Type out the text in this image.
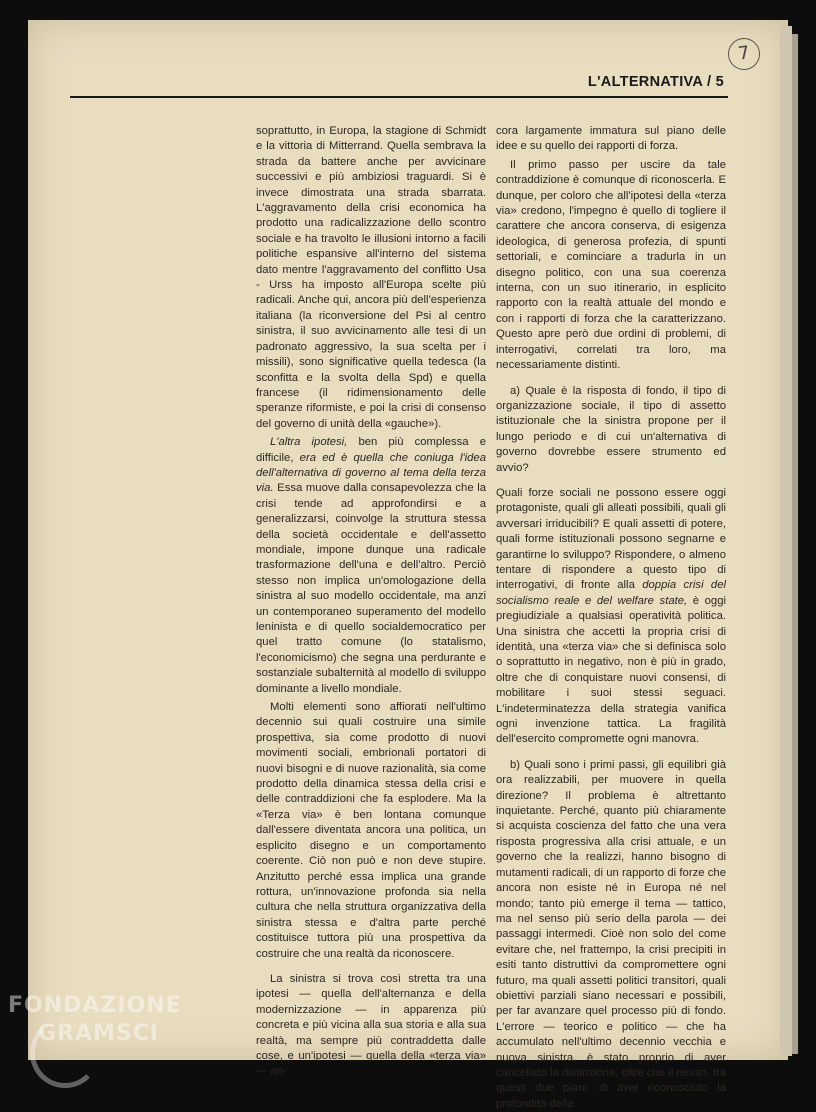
7
L'ALTERNATIVA / 5

soprattutto, in Europa, la stagione di Schmidt e la vittoria di Mitterrand. Quella sembrava la strada da battere anche per avvicinare successivi e più ambiziosi traguardi. Si è invece dimostrata una strada sbarrata. L'aggravamento della crisi economica ha prodotto una radicalizzazione dello scontro sociale e ha travolto le illusioni intorno a facili politiche espansive all'interno del sistema dato mentre l'aggravamento del conflitto Usa - Urss ha imposto all'Europa scelte più radicali. Anche qui, ancora più dell'esperienza italiana (la riconversione del Psi al centro sinistra, il suo avvicinamento alle tesi di un padronato aggressivo, la sua scelta per i missili), sono significative quella tedesca (la sconfitta e la svolta della Spd) e quella francese (il ridimensionamento delle speranze riformiste, e poi la crisi di consenso del governo di unità della «gauche»).

L'altra ipotesi, ben più complessa e difficile, era ed è quella che coniuga l'idea dell'alternativa di governo al tema della terza via. Essa muove dalla consapevolezza che la crisi tende ad approfondirsi e a generalizzarsi, coinvolge la struttura stessa della società occidentale e dell'assetto mondiale, impone dunque una radicale trasformazione dell'una e dell'altro. Perciò stesso non implica un'omologazione della sinistra al suo modello occidentale, ma anzi un contemporaneo superamento del modello leninista e di quello socialdemocratico per quel tratto comune (lo statalismo, l'economicismo) che segna una perdurante e sostanziale subalternità al modello di sviluppo dominante a livello mondiale.

Molti elementi sono affiorati nell'ultimo decennio sui quali costruire una simile prospettiva, sia come prodotto di nuovi movimenti sociali, embrionali portatori di nuovi bisogni e di nuove razionalità, sia come prodotto della dinamica stessa della crisi e delle contraddizioni che fa esplodere. Ma la «Terza via» è ben lontana comunque dall'essere diventata ancora una politica, un esplicito disegno e un comportamento coerente. Ciò non può e non deve stupire. Anzitutto perché essa implica una grande rottura, un'innovazione profonda sia nella cultura che nella struttura organizzativa della sinistra stessa e d'altra parte perché costituisce tuttora più una prospettiva da costruire che una realtà da riconoscere.

La sinistra si trova così stretta tra una ipotesi — quella dell'alternanza e della modernizzazione — in apparenza più concreta e più vicina alla sua storia e alla sua realtà, ma sempre più contraddetta dalle cose, e un'ipotesi — quella della «terza via» — an-

cora largamente immatura sul piano delle idee e su quello dei rapporti di forza.

Il primo passo per uscire da tale contraddizione è comunque di riconoscerla. E dunque, per coloro che all'ipotesi della «terza via» credono, l'impegno è quello di togliere il carattere che ancora conserva, di esigenza ideologica, di generosa profezia, di spunti settoriali, e cominciare a tradurla in un disegno politico, con una sua coerenza interna, con un suo itinerario, in esplicito rapporto con la realtà attuale del mondo e con i rapporti di forza che la caratterizzano. Questo apre però due ordini di problemi, di interrogativi, correlati tra loro, ma necessariamente distinti.

a) Quale è la risposta di fondo, il tipo di organizzazione sociale, il tipo di assetto istituzionale che la sinistra propone per il lungo periodo e di cui un'alternativa di governo dovrebbe essere strumento ed avvio?

Quali forze sociali ne possono essere oggi protagoniste, quali gli alleati possibili, quali gli avversari irriducibili? E quali assetti di potere, quali forme istituzionali possono segnarne e garantirne lo sviluppo? Rispondere, o almeno tentare di rispondere a questo tipo di interrogativi, di fronte alla doppia crisi del socialismo reale e del welfare state, è oggi pregiudiziale a qualsiasi operatività politica. Una sinistra che accetti la propria crisi di identità, una «terza via» che si definisca solo o soprattutto in negativo, non è più in grado, oltre che di conquistare nuovi consensi, di mobilitare i suoi stessi seguaci. L'indeterminatezza della strategia vanifica ogni invenzione tattica. La fragilità dell'esercito compromette ogni manovra.

b) Quali sono i primi passi, gli equilibri già ora realizzabili, per muovere in quella direzione? Il problema è altrettanto inquietante. Perché, quanto più chiaramente si acquista coscienza del fatto che una vera risposta progressiva alla crisi attuale, e un governo che la realizzi, hanno bisogno di mutamenti radicali, di un rapporto di forze che ancora non esiste né in Europa né nel mondo; tanto più emerge il tema — tattico, ma nel senso più serio della parola — dei passaggi intermedi. Cioè non solo del come evitare che, nel frattempo, la crisi precipiti in esiti tanto distruttivi da compromettere ogni futuro, ma quali assetti politici transitori, quali obiettivi parziali siano necessari e possibili, per far avanzare quel processo più di fondo. L'errore — teorico e politico — che ha accumulato nell'ultimo decennio vecchia e nuova sinistra, è stato proprio di aver cancellato la distinzione, oltre che il nesso, tra questi due piani: di aver riconosciuto la profondità della

FONDAZIONE
GRAMSCI
